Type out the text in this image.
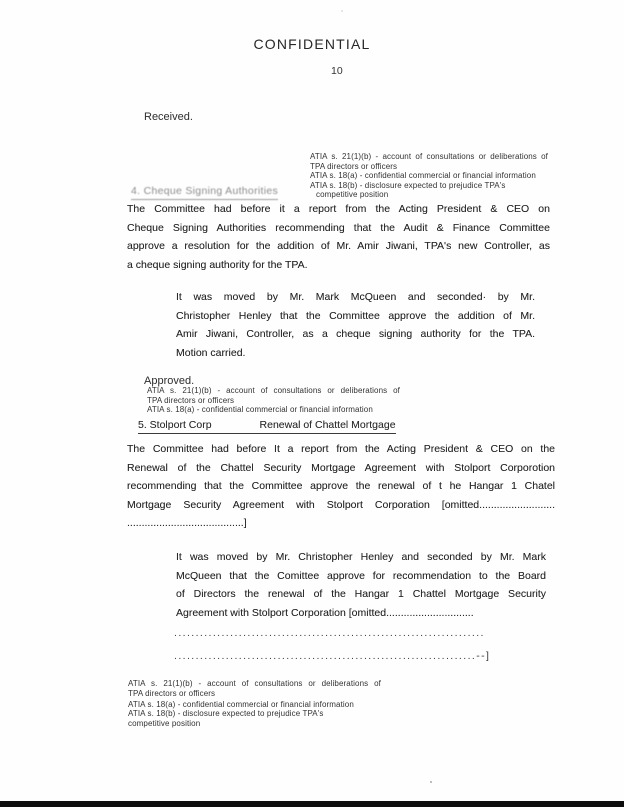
CONFIDENTIAL
10
Received.
ATIA s. 21(1)(b) - account of consultations or deliberations of
TPA directors or officers
ATIA s. 18(a) - confidential commercial or financial information
ATIA s. 18(b) - disclosure expected to prejudice TPA's
competitive position
4. Cheque Signing Authorities
The Committee had before it a report from the Acting President & CEO on
Cheque Signing Authorities recommending that the Audit & Finance Committee
approve a resolution for the addition of Mr. Amir Jiwani, TPA's new Controller, as
a cheque signing authority for the TPA.
It was moved by Mr. Mark McQueen and seconded· by Mr.
Christopher Henley that the Committee approve the addition of Mr.
Amir Jiwani, Controller, as a cheque signing authority for the TPA.
Motion carried.
Approved.
ATIA s. 21(1)(b) - account of consultations or deliberations of
TPA directors or officers
ATIA s. 18(a) - confidential commercial or financial information
5. Stolport Corp	Renewal of Chattel Mortgage
The Committee had before It a report from the Acting President & CEO on the
Renewal of the Chattel Security Mortgage Agreement with Stolport Corporotion
recommending that the Committee approve the renewal of t he Hangar 1 Chatel
Mortgage Security Agreement with Stolport Corporation [omitted..........................
........................................]
It was moved by Mr. Christopher Henley and seconded by Mr. Mark
McQueen that the Comittee approve for recommendation to the Board
of Directors the renewal of the Hangar 1 Chattel Mortgage Security
Agreement with Stolport Corporation [omitted..............................
........................................................................
......................................................................--]
ATIA s. 21(1)(b) - account of consultations or deliberations of
TPA directors or officers
ATIA s. 18(a) - confidential commercial or financial information
ATIA s. 18(b) - disclosure expected to prejudice TPA's
competitive position
